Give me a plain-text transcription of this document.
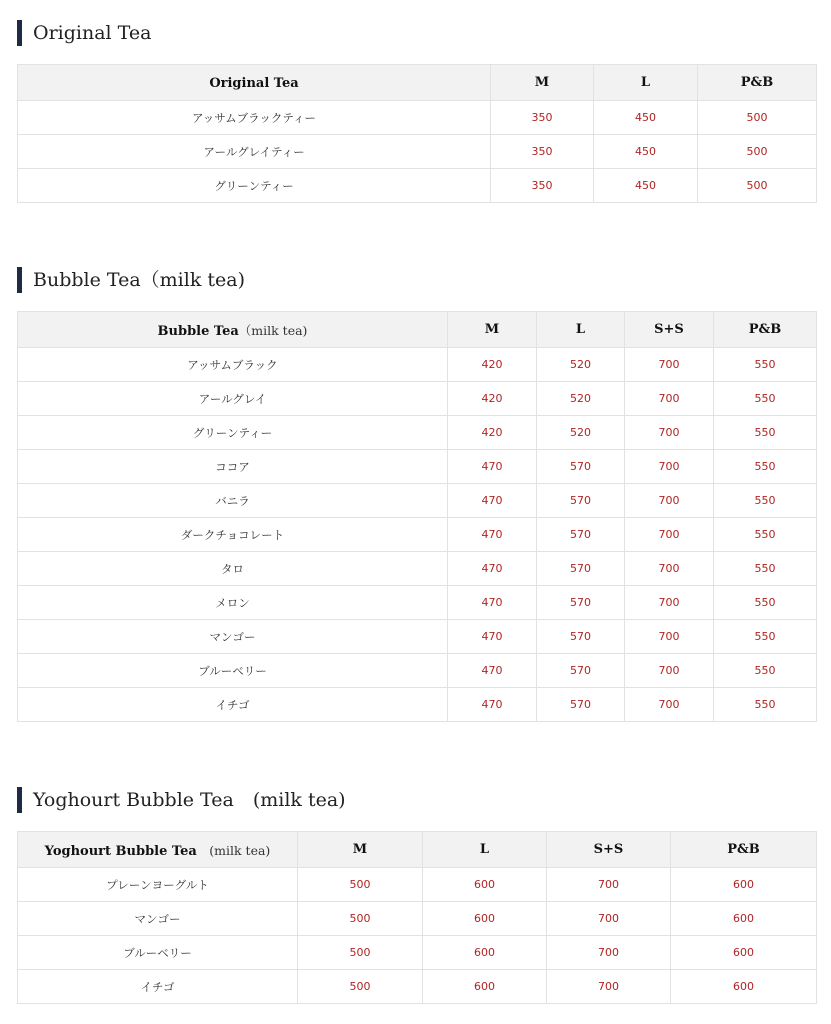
Original Tea
Original Tea	M	L	P&B
アッサムブラックティー	350	450	500
アールグレイティー	350	450	500
グリーンティー	350	450	500
Bubble Tea（milk tea)
Bubble Tea（milk tea)	M	L	S+S	P&B
アッサムブラック	420	520	700	550
アールグレイ	420	520	700	550
グリーンティー	420	520	700	550
ココア	470	570	700	550
バニラ	470	570	700	550
ダークチョコレート	470	570	700	550
タロ	470	570	700	550
メロン	470	570	700	550
マンゴー	470	570	700	550
ブルーベリー	470	570	700	550
イチゴ	470	570	700	550
Yoghourt Bubble Tea　(milk tea)
Yoghourt Bubble Tea　(milk tea)	M	L	S+S	P&B
プレーンヨーグルト	500	600	700	600
マンゴー	500	600	700	600
ブルーベリー	500	600	700	600
イチゴ	500	600	700	600
